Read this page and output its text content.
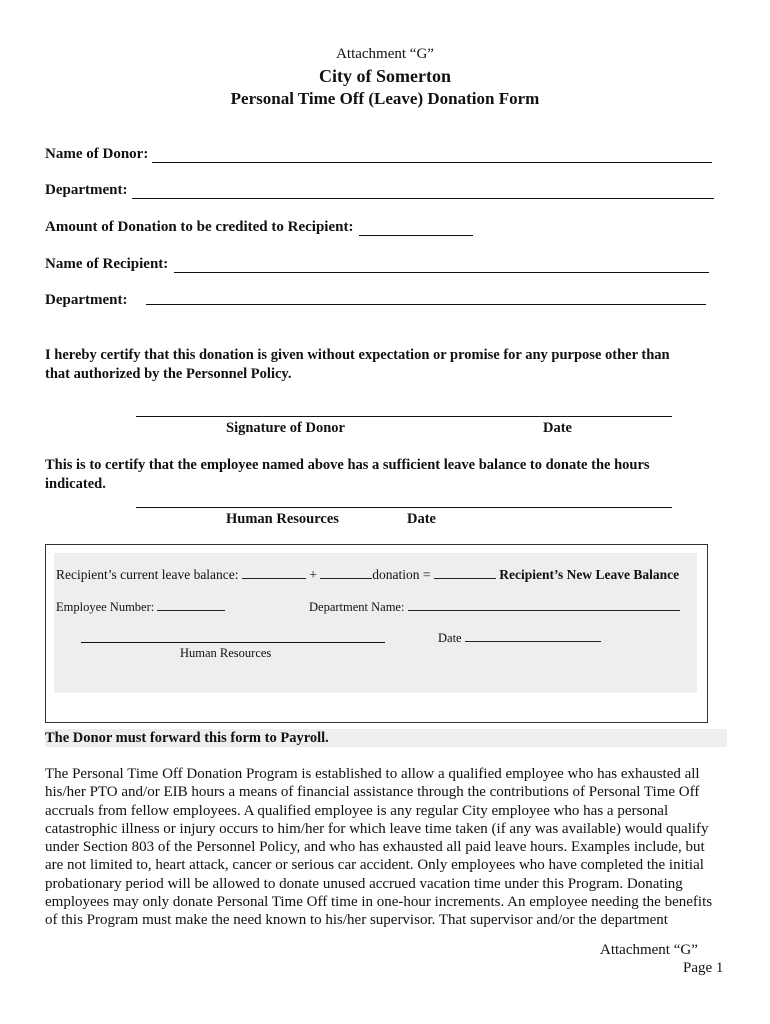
Attachment “G”
City of Somerton
Personal Time Off (Leave) Donation Form
Name of Donor:
Department:
Amount of Donation to be credited to Recipient:
Name of Recipient:
Department:
I hereby certify that this donation is given without expectation or promise for any purpose other than
that authorized by the Personnel Policy.
Signature of Donor	Date
This is to certify that the employee named above has a sufficient leave balance to donate the hours
indicated.
Human Resources	Date
Recipient’s current leave balance:	+	donation =	Recipient’s New Leave Balance
Employee Number:	Department Name:
Human Resources
Date
The Donor must forward this form to Payroll.
The Personal Time Off Donation Program is established to allow a qualified employee who has exhausted all
his/her PTO and/or EIB hours a means of financial assistance through the contributions of Personal Time Off
accruals from fellow employees. A qualified employee is any regular City employee who has a personal
catastrophic illness or injury occurs to him/her for which leave time taken (if any was available) would qualify
under Section 803 of the Personnel Policy, and who has exhausted all paid leave hours. Examples include, but
are not limited to, heart attack, cancer or serious car accident. Only employees who have completed the initial
probationary period will be allowed to donate unused accrued vacation time under this Program. Donating
employees may only donate Personal Time Off time in one-hour increments. An employee needing the benefits
of this Program must make the need known to his/her supervisor. That supervisor and/or the department
Attachment “G”
Page 1
